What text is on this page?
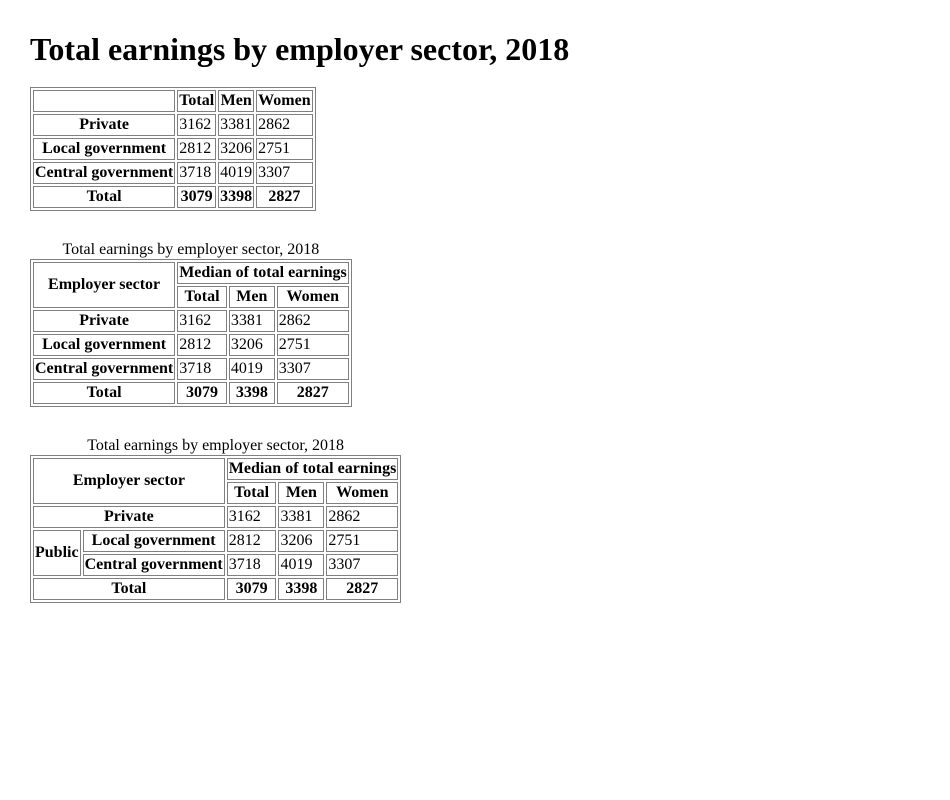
Total earnings by employer sector, 2018
	Total	Men	Women
Private	3162	3381	2862
Local government	2812	3206	2751
Central government	3718	4019	3307
Total	3079	3398	2827
Total earnings by employer sector, 2018
Employer sector	Median of total earnings		
	Total	Men	Women
Private	3162	3381	2862
Local government	2812	3206	2751
Central government	3718	4019	3307
Total	3079	3398	2827
Total earnings by employer sector, 2018
Employer sector		Median of total earnings		
		Total	Men	Women
Private		3162	3381	2862
Public	Local government	2812	3206	2751
	Central government	3718	4019	3307
Total		3079	3398	2827
